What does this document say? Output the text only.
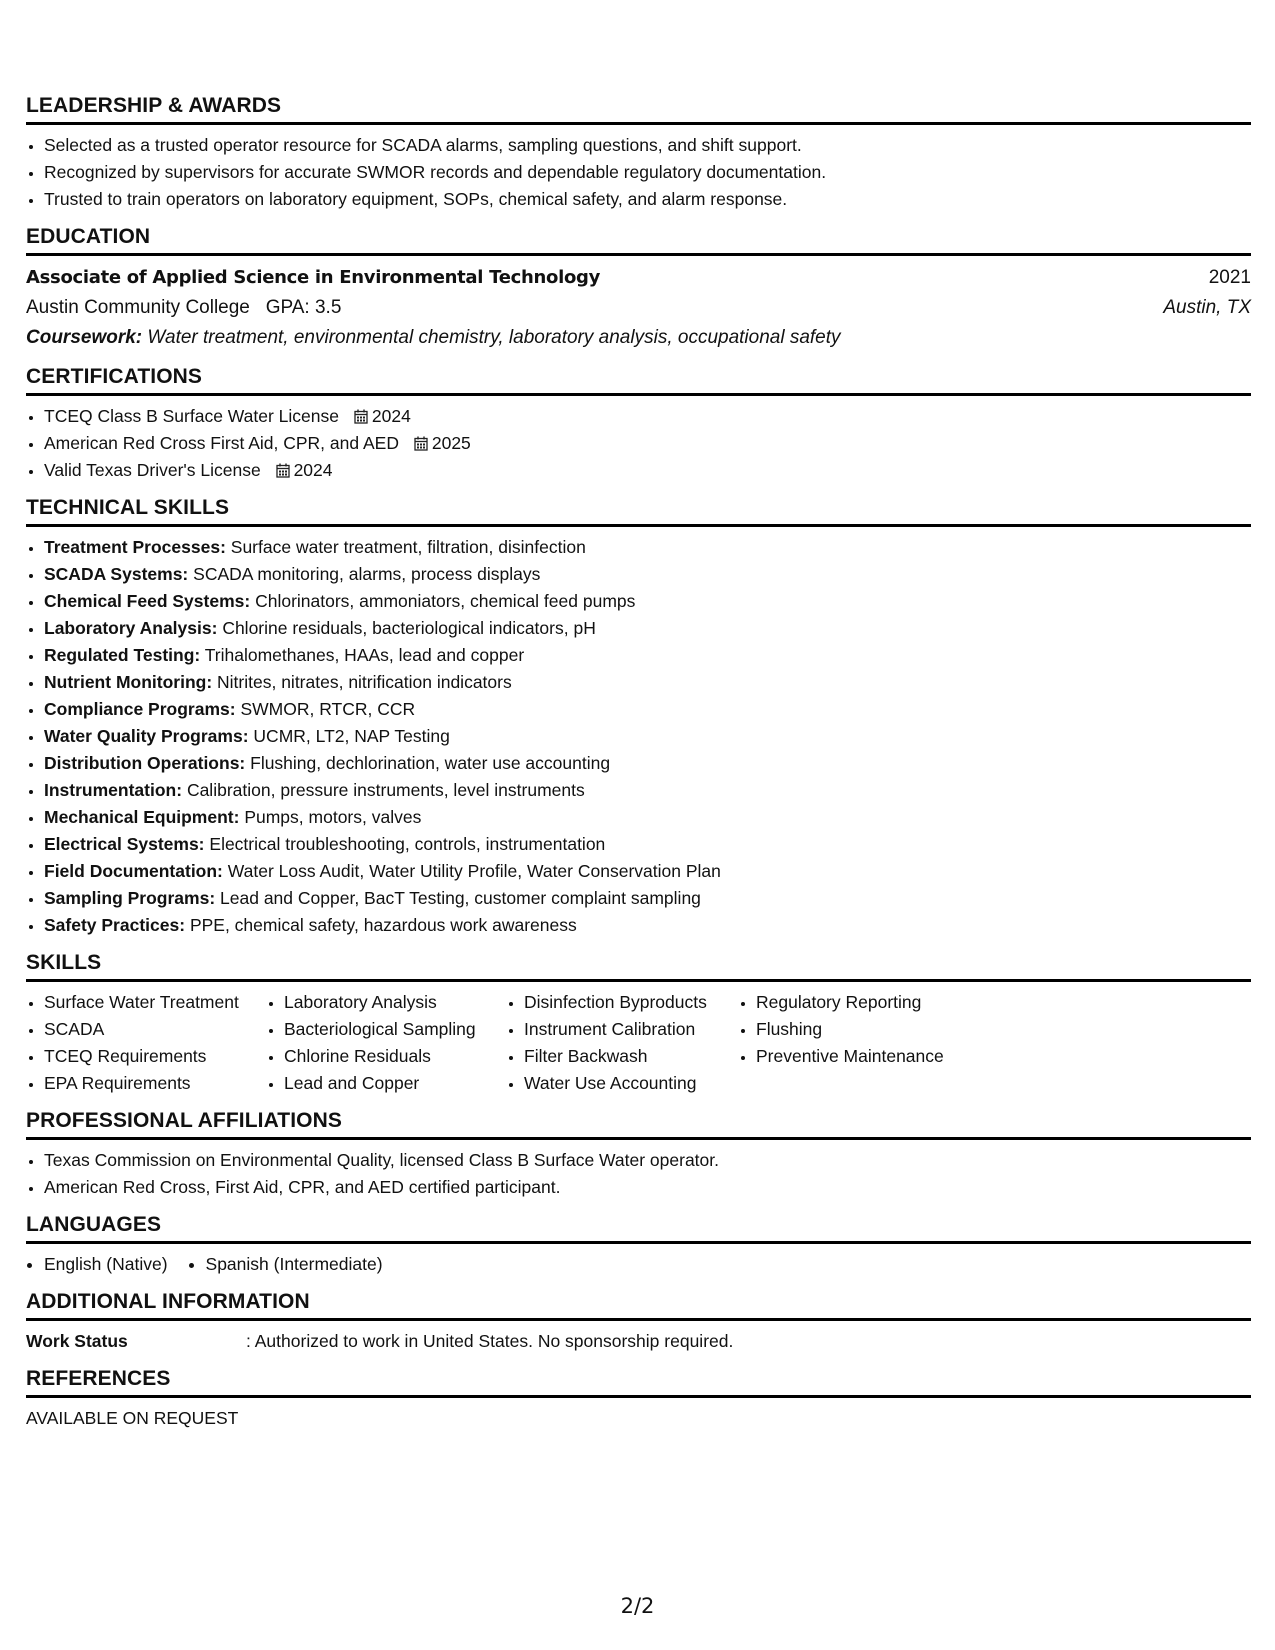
LEADERSHIP & AWARDS
• Selected as a trusted operator resource for SCADA alarms, sampling questions, and shift support.
• Recognized by supervisors for accurate SWMOR records and dependable regulatory documentation.
• Trusted to train operators on laboratory equipment, SOPs, chemical safety, and alarm response.
EDUCATION
Associate of Applied Science in Environmental Technology	2021
Austin Community College GPA: 3.5	Austin, TX
Coursework: Water treatment, environmental chemistry, laboratory analysis, occupational safety
CERTIFICATIONS
• TCEQ Class B Surface Water License 2024
• American Red Cross First Aid, CPR, and AED 2025
• Valid Texas Driver's License 2024
TECHNICAL SKILLS
• Treatment Processes: Surface water treatment, filtration, disinfection
• SCADA Systems: SCADA monitoring, alarms, process displays
• Chemical Feed Systems: Chlorinators, ammoniators, chemical feed pumps
• Laboratory Analysis: Chlorine residuals, bacteriological indicators, pH
• Regulated Testing: Trihalomethanes, HAAs, lead and copper
• Nutrient Monitoring: Nitrites, nitrates, nitrification indicators
• Compliance Programs: SWMOR, RTCR, CCR
• Water Quality Programs: UCMR, LT2, NAP Testing
• Distribution Operations: Flushing, dechlorination, water use accounting
• Instrumentation: Calibration, pressure instruments, level instruments
• Mechanical Equipment: Pumps, motors, valves
• Electrical Systems: Electrical troubleshooting, controls, instrumentation
• Field Documentation: Water Loss Audit, Water Utility Profile, Water Conservation Plan
• Sampling Programs: Lead and Copper, BacT Testing, customer complaint sampling
• Safety Practices: PPE, chemical safety, hazardous work awareness
SKILLS
• Surface Water Treatment
• SCADA
• TCEQ Requirements
• EPA Requirements
• Laboratory Analysis
• Bacteriological Sampling
• Chlorine Residuals
• Lead and Copper
• Disinfection Byproducts
• Instrument Calibration
• Filter Backwash
• Water Use Accounting
• Regulatory Reporting
• Flushing
• Preventive Maintenance
PROFESSIONAL AFFILIATIONS
• Texas Commission on Environmental Quality, licensed Class B Surface Water operator.
• American Red Cross, First Aid, CPR, and AED certified participant.
LANGUAGES
• English (Native)
• Spanish (Intermediate)
ADDITIONAL INFORMATION
Work Status	: Authorized to work in United States. No sponsorship required.
REFERENCES
AVAILABLE ON REQUEST
2/2
